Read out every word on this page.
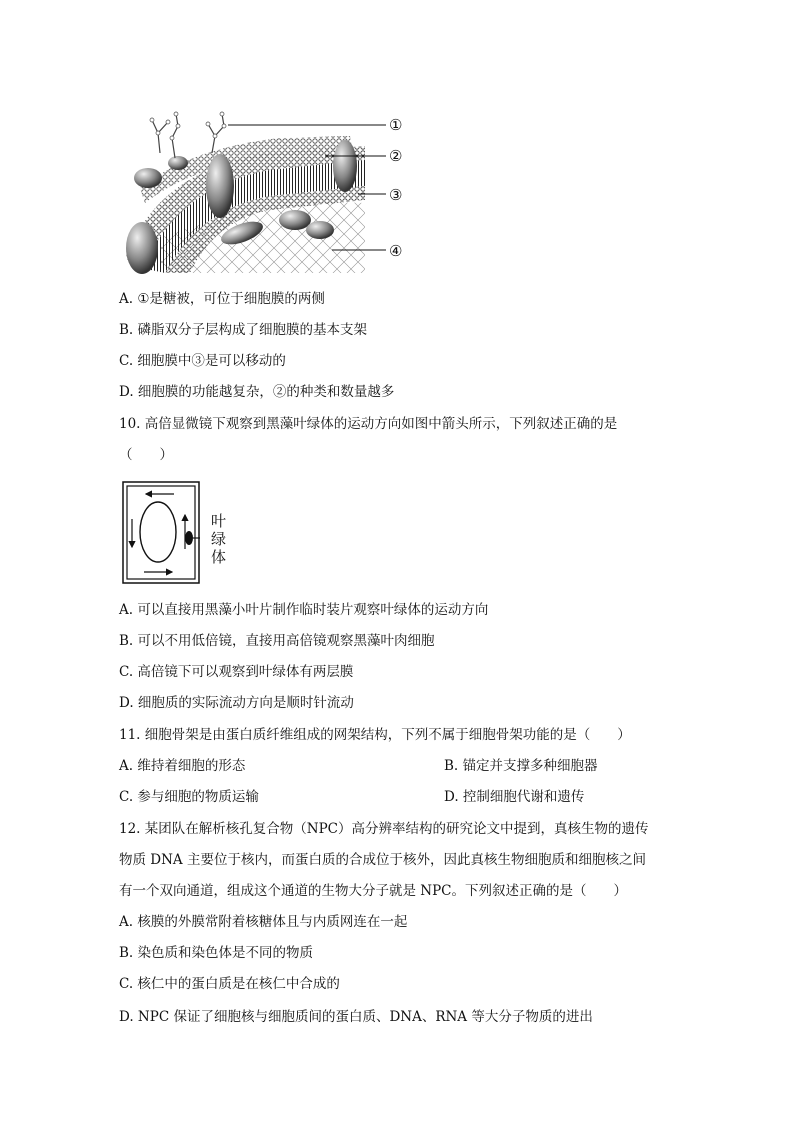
①
②
③
④
A. ①是糖被，可位于细胞膜的两侧
B. 磷脂双分子层构成了细胞膜的基本支架
C. 细胞膜中③是可以移动的
D. 细胞膜的功能越复杂，②的种类和数量越多
10. 高倍显微镜下观察到黑藻叶绿体的运动方向如图中箭头所示，下列叙述正确的是
（　　）
叶
绿
体
A. 可以直接用黑藻小叶片制作临时装片观察叶绿体的运动方向
B. 可以不用低倍镜，直接用高倍镜观察黑藻叶肉细胞
C. 高倍镜下可以观察到叶绿体有两层膜
D. 细胞质的实际流动方向是顺时针流动
11. 细胞骨架是由蛋白质纤维组成的网架结构，下列不属于细胞骨架功能的是（　　）
A. 维持着细胞的形态	B. 锚定并支撑多种细胞器
C. 参与细胞的物质运输	D. 控制细胞代谢和遗传
12. 某团队在解析核孔复合物（NPC）高分辨率结构的研究论文中提到，真核生物的遗传
物质 DNA 主要位于核内，而蛋白质的合成位于核外，因此真核生物细胞质和细胞核之间
有一个双向通道，组成这个通道的生物大分子就是 NPC。下列叙述正确的是（　　）
A. 核膜的外膜常附着核糖体且与内质网连在一起
B. 染色质和染色体是不同的物质
C. 核仁中的蛋白质是在核仁中合成的
D. NPC 保证了细胞核与细胞质间的蛋白质、DNA、RNA 等大分子物质的进出
